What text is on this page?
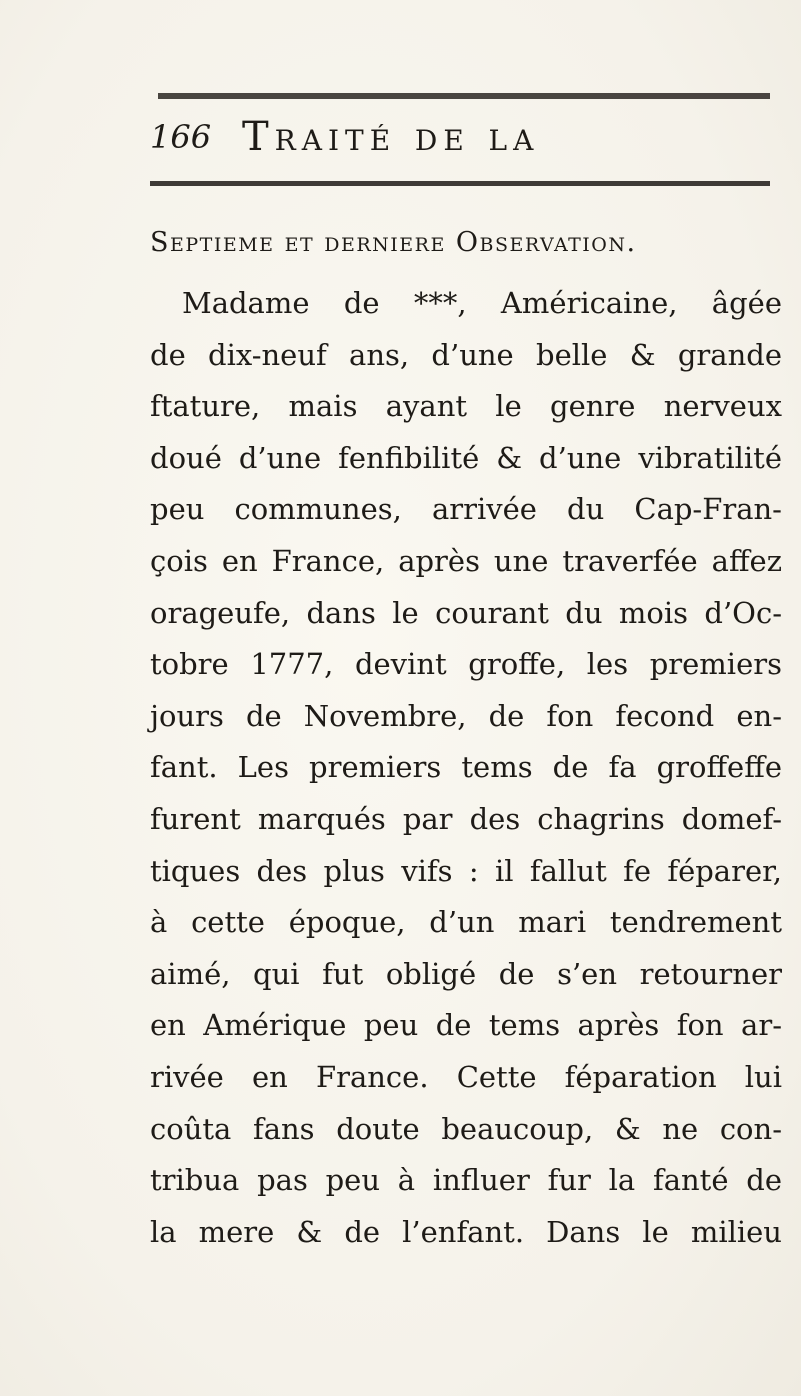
166 Traité de la
Septieme et derniere Observation.
Madame de ***, Américaine, âgée
de dix-neuf ans, d’une belle & grande
ftature, mais ayant le genre nerveux
doué d’une fenfibilité & d’une vibratilité
peu communes, arrivée du Cap-Fran-
çois en France, après une traverfée affez
orageufe, dans le courant du mois d’Oc-
tobre 1777, devint groffe, les premiers
jours de Novembre, de fon fecond en-
fant. Les premiers tems de fa groffeffe
furent marqués par des chagrins domef-
tiques des plus vifs : il fallut fe féparer,
à cette époque, d’un mari tendrement
aimé, qui fut obligé de s’en retourner
en Amérique peu de tems après fon ar-
rivée en France. Cette féparation lui
coûta fans doute beaucoup, & ne con-
tribua pas peu à influer fur la fanté de
la mere & de l’enfant. Dans le milieu
